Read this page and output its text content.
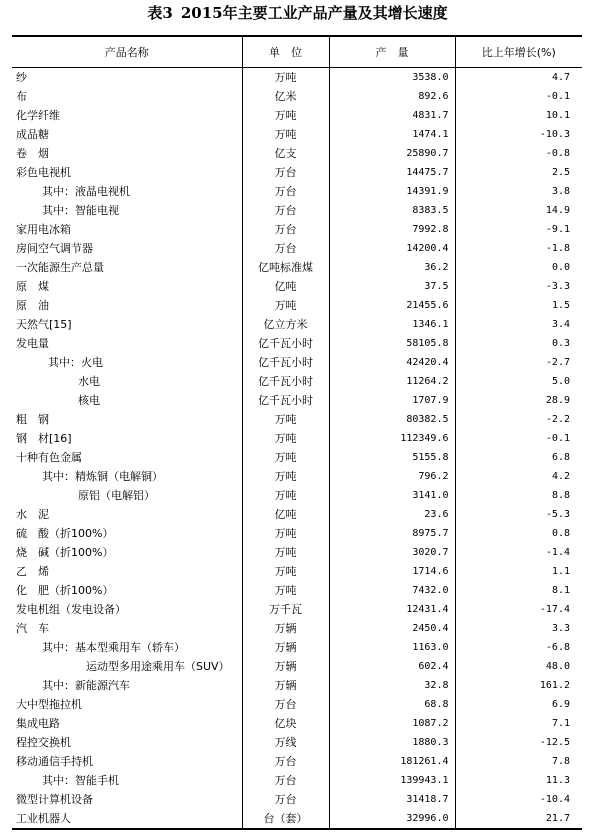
表3 2015年主要工业产品产量及其增长速度
产品名称	单　位	产　量	比上年增长(%)
纱	万吨	3538.0	4.7
布	亿米	892.6	-0.1
化学纤维	万吨	4831.7	10.1
成品糖	万吨	1474.1	-10.3
卷　烟	亿支	25890.7	-0.8
彩色电视机	万台	14475.7	2.5
其中：液晶电视机	万台	14391.9	3.8
其中：智能电视	万台	8383.5	14.9
家用电冰箱	万台	7992.8	-9.1
房间空气调节器	万台	14200.4	-1.8
一次能源生产总量	亿吨标准煤	36.2	0.0
原　煤	亿吨	37.5	-3.3
原　油	万吨	21455.6	1.5
天然气[15]	亿立方米	1346.1	3.4
发电量	亿千瓦小时	58105.8	0.3
其中：火电	亿千瓦小时	42420.4	-2.7
水电	亿千瓦小时	11264.2	5.0
核电	亿千瓦小时	1707.9	28.9
粗　钢	万吨	80382.5	-2.2
钢　材[16]	万吨	112349.6	-0.1
十种有色金属	万吨	5155.8	6.8
其中：精炼铜（电解铜）	万吨	796.2	4.2
原铝（电解铝）	万吨	3141.0	8.8
水　泥	亿吨	23.6	-5.3
硫　酸（折100%）	万吨	8975.7	0.8
烧　碱（折100%）	万吨	3020.7	-1.4
乙　烯	万吨	1714.6	1.1
化　肥（折100%）	万吨	7432.0	8.1
发电机组（发电设备）	万千瓦	12431.4	-17.4
汽　车	万辆	2450.4	3.3
其中：基本型乘用车（轿车）	万辆	1163.0	-6.8
运动型多用途乘用车（SUV）	万辆	602.4	48.0
其中：新能源汽车	万辆	32.8	161.2
大中型拖拉机	万台	68.8	6.9
集成电路	亿块	1087.2	7.1
程控交换机	万线	1880.3	-12.5
移动通信手持机	万台	181261.4	7.8
其中：智能手机	万台	139943.1	11.3
微型计算机设备	万台	31418.7	-10.4
工业机器人	台（套）	32996.0	21.7
